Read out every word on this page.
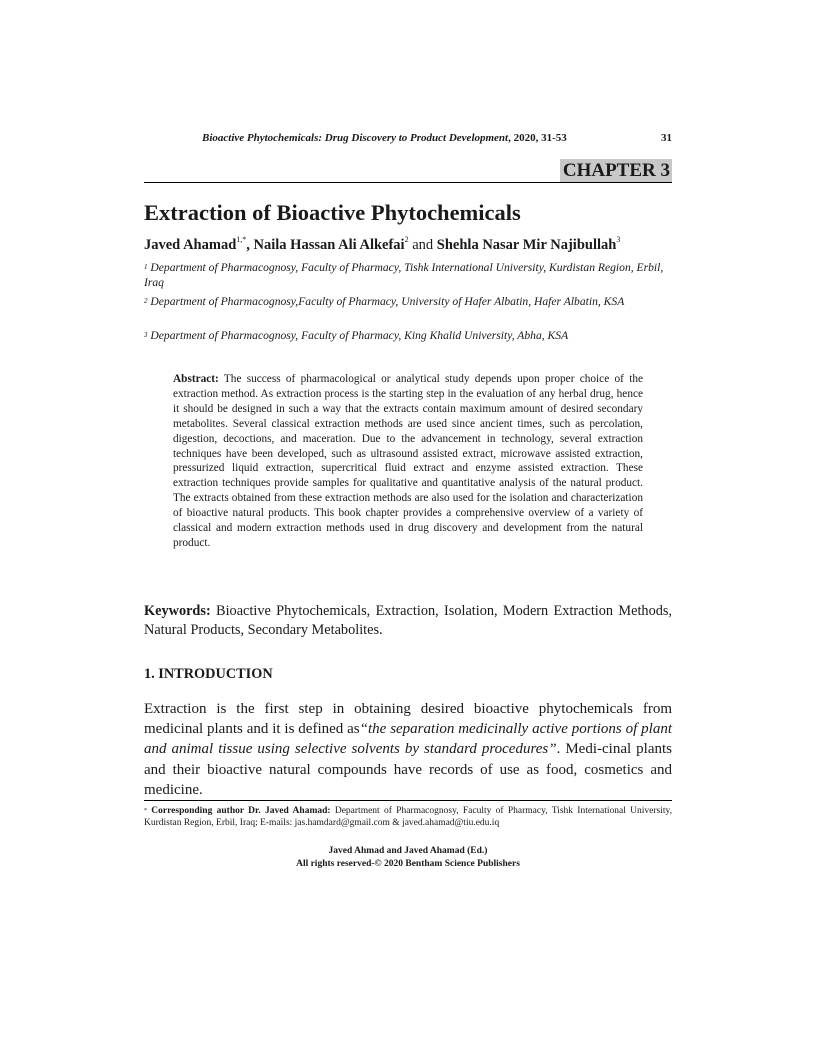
Bioactive Phytochemicals: Drug Discovery to Product Development, 2020, 31-53	31
CHAPTER 3
Extraction of Bioactive Phytochemicals
Javed Ahamad$^{1,*}$, Naila Hassan Ali Alkefai$^2$ and Shehla Nasar Mir Najibullah$^3$
$^1$ Department of Pharmacognosy, Faculty of Pharmacy, Tishk International University, Kurdistan Region, Erbil, Iraq
$^2$ Department of Pharmacognosy,Faculty of Pharmacy, University of Hafer Albatin, Hafer Albatin, KSA
$^3$ Department of Pharmacognosy, Faculty of Pharmacy, King Khalid University, Abha, KSA
Abstract: The success of pharmacological or analytical study depends upon proper choice of the extraction method. As extraction process is the starting step in the evaluation of any herbal drug, hence it should be designed in such a way that the extracts contain maximum amount of desired secondary metabolites. Several classical extraction methods are used since ancient times, such as percolation, digestion, decoctions, and maceration. Due to the advancement in technology, several extraction techniques have been developed, such as ultrasound assisted extract, microwave assisted extraction, pressurized liquid extraction, supercritical fluid extract and enzyme assisted extraction. These extraction techniques provide samples for qualitative and quantitative analysis of the natural product. The extracts obtained from these extraction methods are also used for the isolation and characterization of bioactive natural products. This book chapter provides a comprehensive overview of a variety of classical and modern extraction methods used in drug discovery and development from the natural product.
Keywords: Bioactive Phytochemicals, Extraction, Isolation, Modern Extraction Methods, Natural Products, Secondary Metabolites.
1. INTRODUCTION
Extraction is the first step in obtaining desired bioactive phytochemicals from medicinal plants and it is defined as“the separation medicinally active portions of plant and animal tissue using selective solvents by standard procedures”. Medi-cinal plants and their bioactive natural compounds have records of use as food, cosmetics and medicine.
* Corresponding author Dr. Javed Ahamad: Department of Pharmacognosy, Faculty of Pharmacy, Tishk International University, Kurdistan Region, Erbil, Iraq; E-mails: jas.hamdard@gmail.com & javed.ahamad@tiu.edu.iq
Javed Ahmad and Javed Ahamad (Ed.)
All rights reserved-© 2020 Bentham Science Publishers
